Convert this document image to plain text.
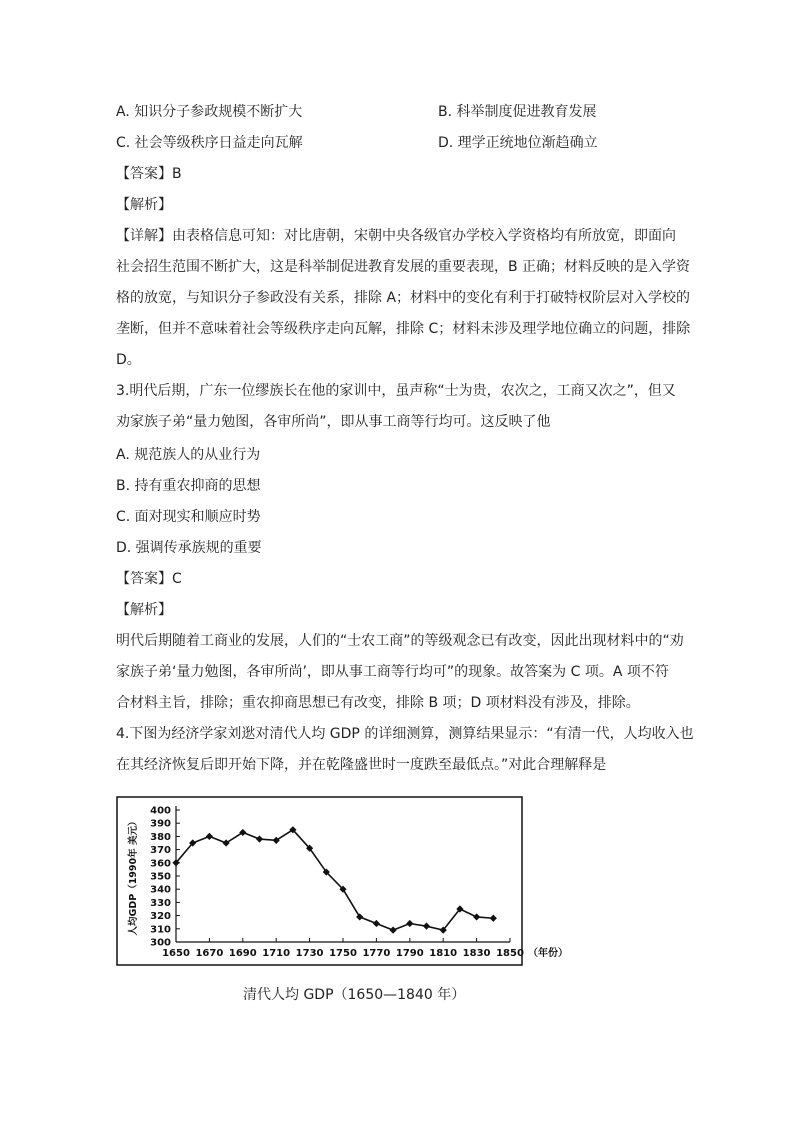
A. 知识分子参政规模不断扩大	B. 科举制度促进教育发展
C. 社会等级秩序日益走向瓦解	D. 理学正统地位渐趋确立
【答案】B
【解析】
【详解】由表格信息可知：对比唐朝，宋朝中央各级官办学校入学资格均有所放宽，即面向
社会招生范围不断扩大，这是科举制促进教育发展的重要表现，B 正确；材料反映的是入学资
格的放宽，与知识分子参政没有关系，排除 A；材料中的变化有利于打破特权阶层对入学校的
垄断，但并不意味着社会等级秩序走向瓦解，排除 C；材料未涉及理学地位确立的问题，排除
D。
3.明代后期，广东一位缪族长在他的家训中，虽声称“士为贵，农次之，工商又次之”，但又
劝家族子弟“量力勉图，各审所尚”，即从事工商等行均可。这反映了他
A. 规范族人的从业行为
B. 持有重农抑商的思想
C. 面对现实和顺应时势
D. 强调传承族规的重要
【答案】C
【解析】
明代后期随着工商业的发展，人们的“士农工商”的等级观念已有改变，因此出现材料中的“劝
家族子弟‘量力勉图，各审所尚’，即从事工商等行均可”的现象。故答案为 C 项。A 项不符
合材料主旨，排除；重农抑商思想已有改变，排除 B 项；D 项材料没有涉及，排除。
4.下图为经济学家刘逖对清代人均 GDP 的详细测算，测算结果显示：“有清一代，人均收入也
在其经济恢复后即开始下降，并在乾隆盛世时一度跌至最低点。”对此合理解释是
300
310
320
330
340
350
360
370
380
390
400
1650 1670 1690 1710 1730 1750 1770 1790 1810 1830 1850 （年份）
人均GDP（1990年 美元）
清代人均 GDP（1650—1840 年）
